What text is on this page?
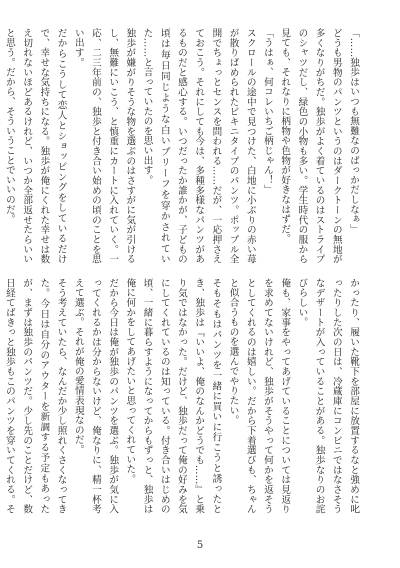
「……独歩はいつも無難なのばっかだしなぁ」

どうも男物のパンツというのはダークトーンの無地が多くなりがちだ。独歩がよく着ているのはストライプのシャツだし、緑色の小物も多い。学生時代の服から見ても、それなりに柄物や色物が好きなはずだ。

「うはぁ、何コレいちご柄じゃん！」

スクロールの途中で見つけた、白地に小ぶりの赤い苺が散りばめられたビキニタイプのパンツ。ポップル全開でちょっとセンスを問われる……だが、一応押さえておこう。それにしても今は、多種多様なパンツがあるものだと感心する。いつだったか誰かが、子どもの頃は毎日同じような白いブリーフを穿かされていた……と言っていたのを思い出す。

独歩が嫌がりそうな物を選ぶのはさすがに気が引けるし、無難にいこう、と慎重にカートに入れていく。一応、二三年前の、独歩と付き合い始めの頃のことを思い出す。

だからこうして恋人とショッピングをしているだけで、幸せな気持ちになる。独歩が俺にくれた幸せは数え切れないほどあるけれど、いつか全部返せたらいいと思う。だから、そういうことでいいのだ。

かったり、履いた靴下を部屋に放置するなと強めに叱ったりした次の日は、冷蔵庫にコンビニではなさそうなデザートが入っていることがある。独歩なりのお詫びらしい。

俺も、家事をやってあげていることについては見返りを求めてないけれど、独歩がそうやって何かを返そうとしてくれるのは嬉しい。だから下着選びも、ちゃんと似合うものを選んでやりたい。

そもそもはパンツを一緒に買いに行こうと誘ったとき、独歩は『いいよ、俺のなんかどうでも……』と乗り気ではなかった。だけど、独歩だって俺の好みを気にしてくれているのは知っている。付き合いはじめの頃、一緒に暮らすようになってからもずっと、独歩は俺に何かをしてあげたいと思ってくれていた。

だから今日は俺が独歩のパンツを選ぶ。独歩が気に入ってくれるかは分からないけど、俺なりに、精一杯考えて選ぶ。それが俺の愛情表現なのだ。

そう考えていたら、なんだか少し照れくさくなってきた。今日は自分のアウターを新調する予定もあったが、まずは独歩のパンツだ。少し先のことだけど、数日経てばきっと独歩もこのパンツを穿いてくれる。そ

5
